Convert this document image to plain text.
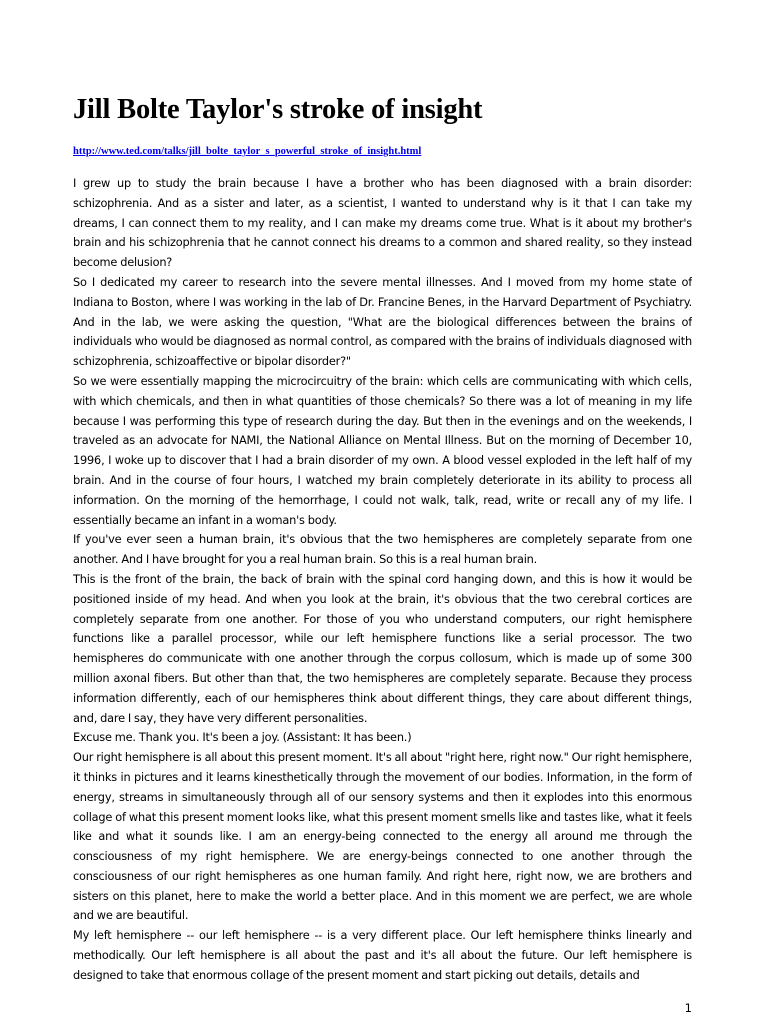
Jill Bolte Taylor's stroke of insight
http://www.ted.com/talks/jill_bolte_taylor_s_powerful_stroke_of_insight.html

I grew up to study the brain because I have a brother who has been diagnosed with a brain disorder: schizophrenia. And as a sister and later, as a scientist, I wanted to understand why is it that I can take my dreams, I can connect them to my reality, and I can make my dreams come true. What is it about my brother's brain and his schizophrenia that he cannot connect his dreams to a common and shared reality, so they instead become delusion?

So I dedicated my career to research into the severe mental illnesses. And I moved from my home state of Indiana to Boston, where I was working in the lab of Dr. Francine Benes, in the Harvard Department of Psychiatry. And in the lab, we were asking the question, "What are the biological differences between the brains of individuals who would be diagnosed as normal control, as compared with the brains of individuals diagnosed with schizophrenia, schizoaffective or bipolar disorder?"

So we were essentially mapping the microcircuitry of the brain: which cells are communicating with which cells, with which chemicals, and then in what quantities of those chemicals? So there was a lot of meaning in my life because I was performing this type of research during the day. But then in the evenings and on the weekends, I traveled as an advocate for NAMI, the National Alliance on Mental Illness. But on the morning of December 10, 1996, I woke up to discover that I had a brain disorder of my own. A blood vessel exploded in the left half of my brain. And in the course of four hours, I watched my brain completely deteriorate in its ability to process all information. On the morning of the hemorrhage, I could not walk, talk, read, write or recall any of my life. I essentially became an infant in a woman's body.

If you've ever seen a human brain, it's obvious that the two hemispheres are completely separate from one another. And I have brought for you a real human brain. So this is a real human brain.

This is the front of the brain, the back of brain with the spinal cord hanging down, and this is how it would be positioned inside of my head. And when you look at the brain, it's obvious that the two cerebral cortices are completely separate from one another. For those of you who understand computers, our right hemisphere functions like a parallel processor, while our left hemisphere functions like a serial processor. The two hemispheres do communicate with one another through the corpus collosum, which is made up of some 300 million axonal fibers. But other than that, the two hemispheres are completely separate. Because they process information differently, each of our hemispheres think about different things, they care about different things, and, dare I say, they have very different personalities.

Excuse me. Thank you. It's been a joy. (Assistant: It has been.)

Our right hemisphere is all about this present moment. It's all about "right here, right now." Our right hemisphere, it thinks in pictures and it learns kinesthetically through the movement of our bodies. Information, in the form of energy, streams in simultaneously through all of our sensory systems and then it explodes into this enormous collage of what this present moment looks like, what this present moment smells like and tastes like, what it feels like and what it sounds like. I am an energy-being connected to the energy all around me through the consciousness of my right hemisphere. We are energy-beings connected to one another through the consciousness of our right hemispheres as one human family. And right here, right now, we are brothers and sisters on this planet, here to make the world a better place. And in this moment we are perfect, we are whole and we are beautiful.

My left hemisphere -- our left hemisphere -- is a very different place. Our left hemisphere thinks linearly and methodically. Our left hemisphere is all about the past and it's all about the future. Our left hemisphere is designed to take that enormous collage of the present moment and start picking out details, details and

1
